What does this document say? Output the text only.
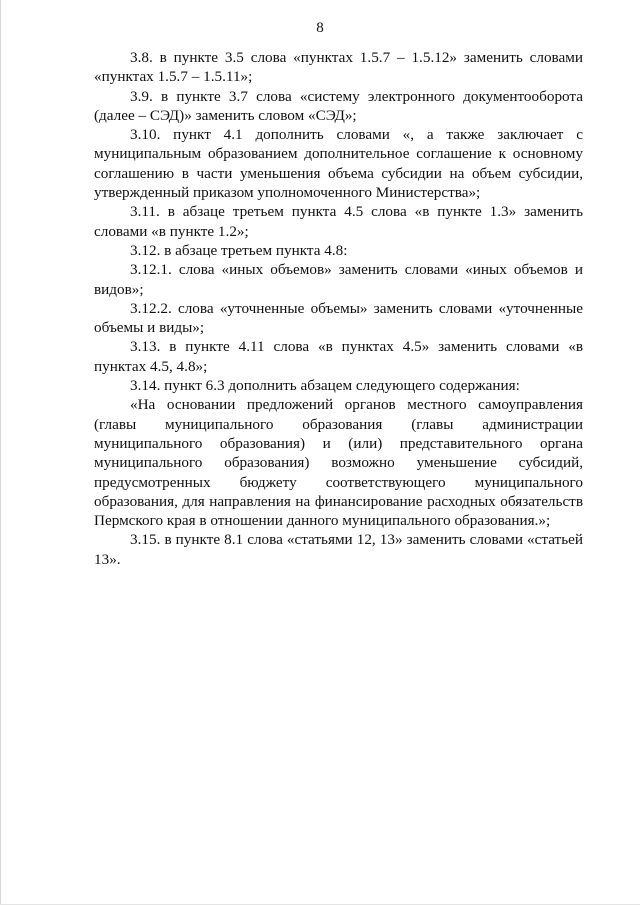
8

3.8. в пункте 3.5 слова «пунктах 1.5.7 – 1.5.12» заменить словами «пунктах 1.5.7 – 1.5.11»;

3.9. в пункте 3.7 слова «систему электронного документооборота (далее – СЭД)» заменить словом «СЭД»;

3.10. пункт 4.1 дополнить словами «, а также заключает с муниципальным образованием дополнительное соглашение к основному соглашению в части уменьшения объема субсидии на объем субсидии, утвержденный приказом уполномоченного Министерства»;

3.11. в абзаце третьем пункта 4.5 слова «в пункте 1.3» заменить словами «в пункте 1.2»;

3.12. в абзаце третьем пункта 4.8:

3.12.1. слова «иных объемов» заменить словами «иных объемов и видов»;

3.12.2. слова «уточненные объемы» заменить словами «уточненные объемы и виды»;

3.13. в пункте 4.11 слова «в пунктах 4.5» заменить словами «в пунктах 4.5, 4.8»;

3.14. пункт 6.3 дополнить абзацем следующего содержания:

«На основании предложений органов местного самоуправления (главы муниципального образования (главы администрации муниципального образования) и (или) представительного органа муниципального образования) возможно уменьшение субсидий, предусмотренных бюджету соответствующего муниципального образования, для направления на финансирование расходных обязательств Пермского края в отношении данного муниципального образования.»;

3.15. в пункте 8.1 слова «статьями 12, 13» заменить словами «статьей 13».
